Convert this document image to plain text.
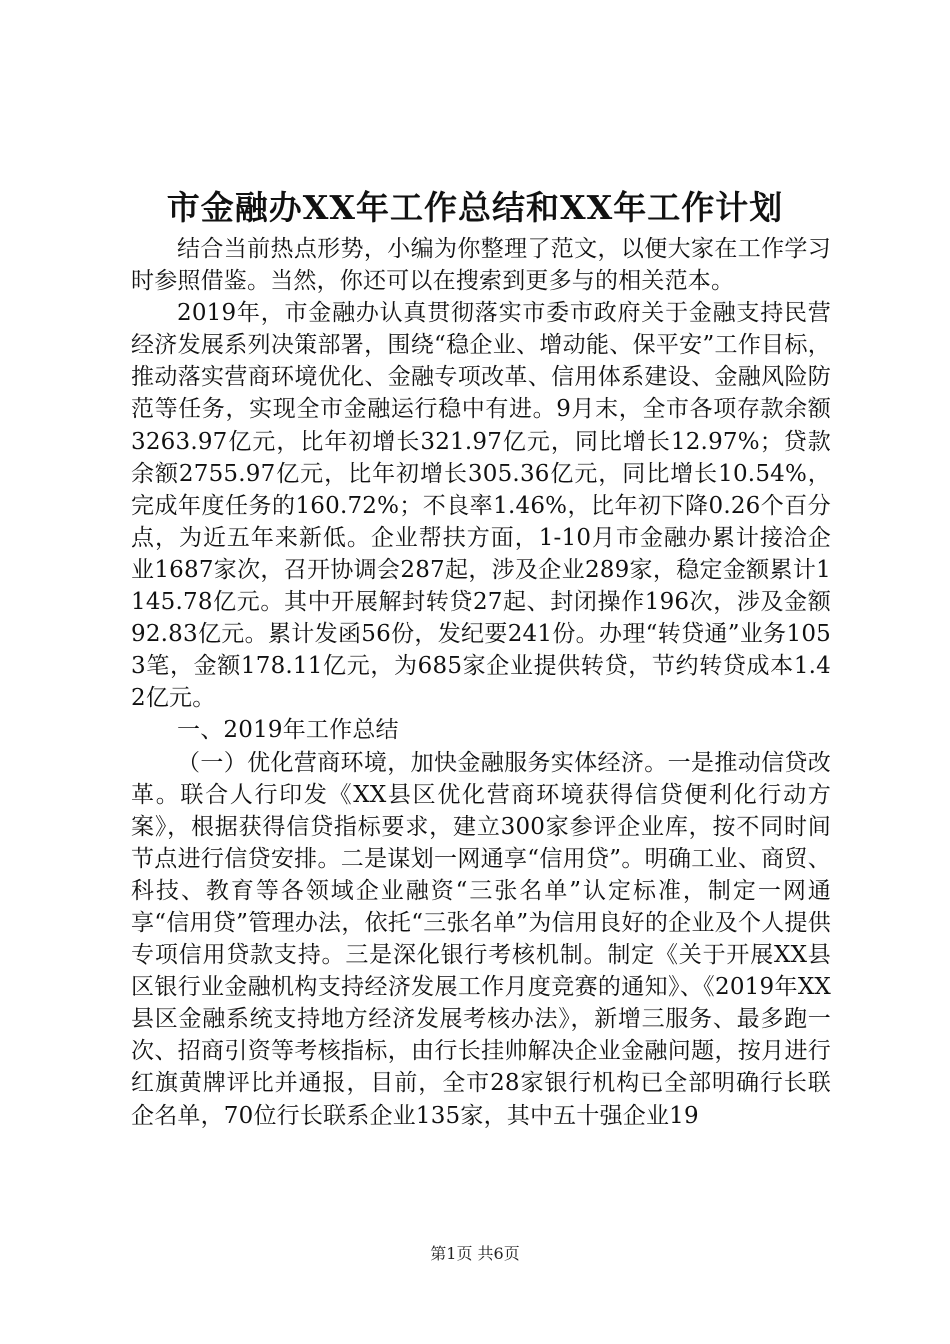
市金融办XX年工作总结和XX年工作计划

结合当前热点形势，小编为你整理了范文，以便大家在工作学习时参照借鉴。当然，你还可以在搜索到更多与的相关范本。

2019年，市金融办认真贯彻落实市委市政府关于金融支持民营经济发展系列决策部署，围绕“稳企业、增动能、保平安”工作目标，推动落实营商环境优化、金融专项改革、信用体系建设、金融风险防范等任务，实现全市金融运行稳中有进。9月末，全市各项存款余额3263.97亿元，比年初增长321.97亿元，同比增长12.97%；贷款余额2755.97亿元，比年初增长305.36亿元，同比增长10.54%，完成年度任务的160.72%；不良率1.46%，比年初下降0.26个百分点，为近五年来新低。企业帮扶方面，1-10月市金融办累计接洽企业1687家次，召开协调会287起，涉及企业289家，稳定金额累计1145.78亿元。其中开展解封转贷27起、封闭操作196次，涉及金额92.83亿元。累计发函56份，发纪要241份。办理“转贷通”业务1053笔，金额178.11亿元，为685家企业提供转贷，节约转贷成本1.42亿元。

一、2019年工作总结

（一）优化营商环境，加快金融服务实体经济。一是推动信贷改革。联合人行印发《XX县区优化营商环境获得信贷便利化行动方案》，根据获得信贷指标要求，建立300家参评企业库，按不同时间节点进行信贷安排。二是谋划一网通享“信用贷”。明确工业、商贸、科技、教育等各领域企业融资“三张名单”认定标准，制定一网通享“信用贷”管理办法，依托“三张名单”为信用良好的企业及个人提供专项信用贷款支持。三是深化银行考核机制。制定《关于开展XX县区银行业金融机构支持经济发展工作月度竞赛的通知》、《2019年XX县区金融系统支持地方经济发展考核办法》，新增三服务、最多跑一次、招商引资等考核指标，由行长挂帅解决企业金融问题，按月进行红旗黄牌评比并通报，目前，全市28家银行机构已全部明确行长联企名单，70位行长联系企业135家，其中五十强企业19

第1页 共6页
